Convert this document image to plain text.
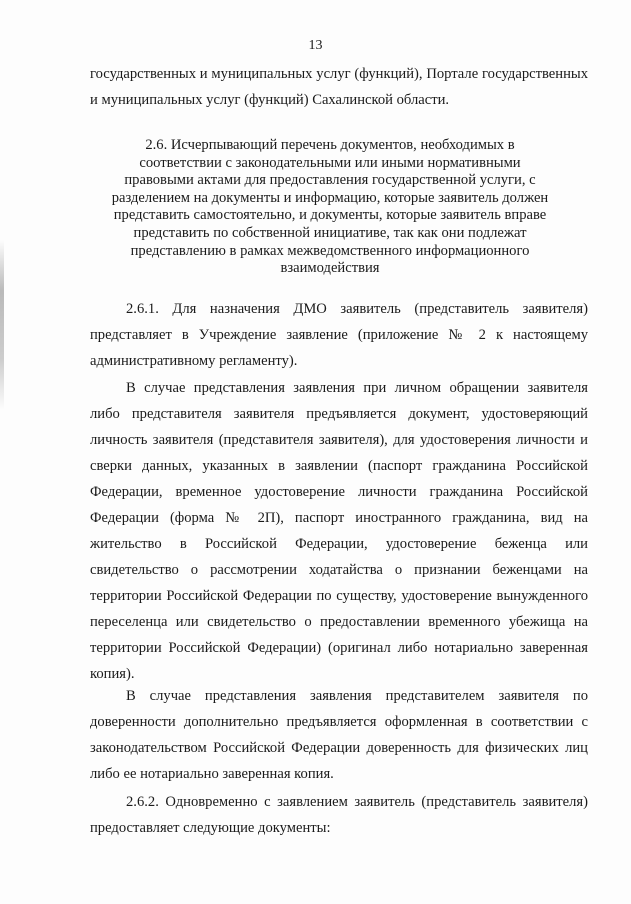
13

государственных и муниципальных услуг (функций), Портале государственных и муниципальных услуг (функций) Сахалинской области.

2.6. Исчерпывающий перечень документов, необходимых в соответствии с законодательными или иными нормативными правовыми актами для предоставления государственной услуги, с разделением на документы и информацию, которые заявитель должен представить самостоятельно, и документы, которые заявитель вправе представить по собственной инициативе, так как они подлежат представлению в рамках межведомственного информационного взаимодействия

2.6.1. Для назначения ДМО заявитель (представитель заявителя) представляет в Учреждение заявление (приложение № 2 к настоящему административному регламенту).

В случае представления заявления при личном обращении заявителя либо представителя заявителя предъявляется документ, удостоверяющий личность заявителя (представителя заявителя), для удостоверения личности и сверки данных, указанных в заявлении (паспорт гражданина Российской Федерации, временное удостоверение личности гражданина Российской Федерации (форма № 2П), паспорт иностранного гражданина, вид на жительство в Российской Федерации, удостоверение беженца или свидетельство о рассмотрении ходатайства о признании беженцами на территории Российской Федерации по существу, удостоверение вынужденного переселенца или свидетельство о предоставлении временного убежища на территории Российской Федерации) (оригинал либо нотариально заверенная копия).

В случае представления заявления представителем заявителя по доверенности дополнительно предъявляется оформленная в соответствии с законодательством Российской Федерации доверенность для физических лиц либо ее нотариально заверенная копия.

2.6.2. Одновременно с заявлением заявитель (представитель заявителя) предоставляет следующие документы:
